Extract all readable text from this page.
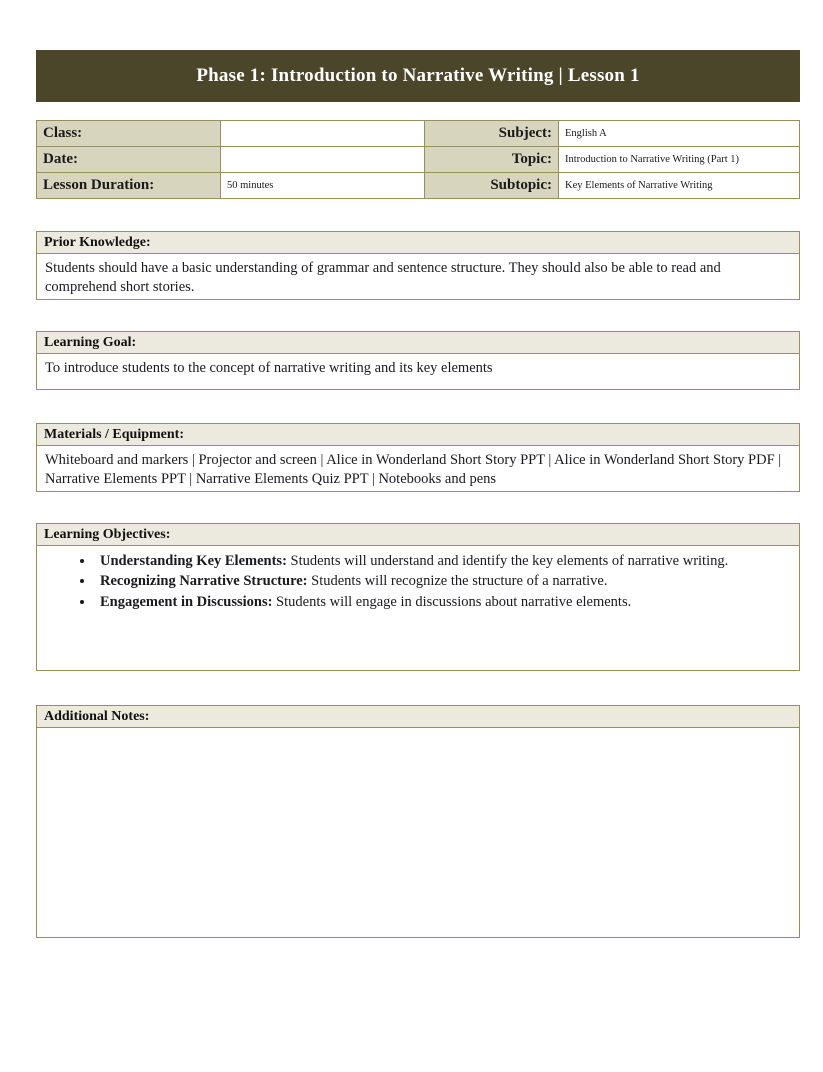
Phase 1: Introduction to Narrative Writing | Lesson 1
Class:		Subject:	English A
Date:		Topic:	Introduction to Narrative Writing (Part 1)
Lesson Duration:	50 minutes	Subtopic:	Key Elements of Narrative Writing
Prior Knowledge:
Students should have a basic understanding of grammar and sentence structure. They should also be able to read and comprehend short stories.
Learning Goal:
To introduce students to the concept of narrative writing and its key elements
Materials / Equipment:
Whiteboard and markers | Projector and screen | Alice in Wonderland Short Story PPT | Alice in Wonderland Short Story PDF | Narrative Elements PPT | Narrative Elements Quiz PPT | Notebooks and pens
Learning Objectives:
• Understanding Key Elements: Students will understand and identify the key elements of narrative writing.
• Recognizing Narrative Structure: Students will recognize the structure of a narrative.
• Engagement in Discussions: Students will engage in discussions about narrative elements.
Additional Notes:
